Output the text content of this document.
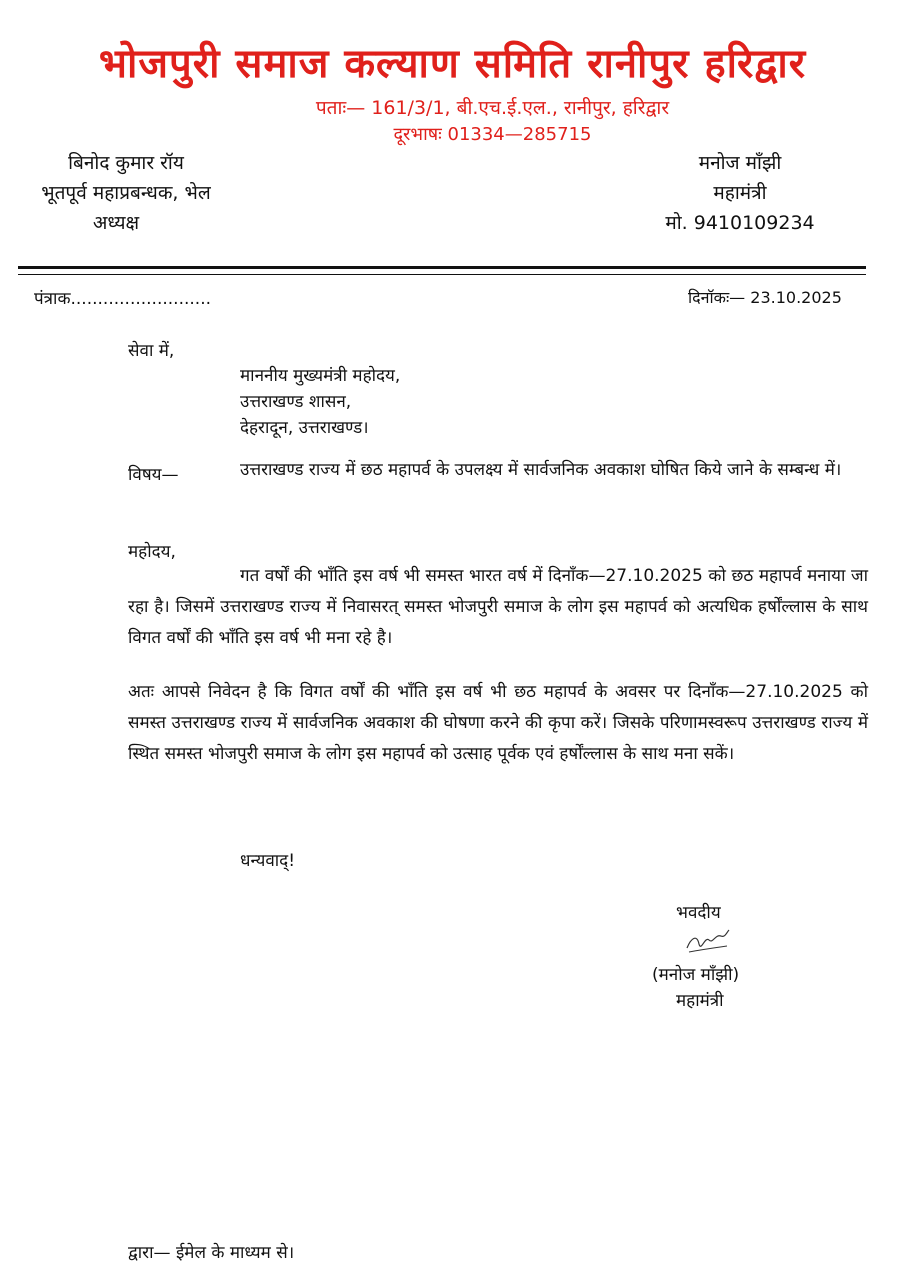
भोजपुरी समाज कल्याण समिति रानीपुर हरिद्वार
पताः— 161/3/1, बी.एच.ई.एल., रानीपुर, हरिद्वार
दूरभाषः 01334—285715
बिनोद कुमार रॉय
भूतपूर्व महाप्रबन्धक, भेल
अध्यक्ष
मनोज माँझी
महामंत्री
मो. 9410109234
पंत्राक..........................	दिनॉकः— 23.10.2025
सेवा में,
माननीय मुख्यमंत्री महोदय,
उत्तराखण्ड शासन,
देहरादून, उत्तराखण्ड।
विषय—	उत्तराखण्ड राज्य में छठ महापर्व के उपलक्ष्य में सार्वजनिक अवकाश घोषित किये जाने के सम्बन्ध में।
महोदय,
गत वर्षों की भाँति इस वर्ष भी समस्त भारत वर्ष में दिनाँक—27.10.2025 को छठ महापर्व मनाया जा रहा है। जिसमें उत्तराखण्ड राज्य में निवासरत् समस्त भोजपुरी समाज के लोग इस महापर्व को अत्यधिक हर्षोंल्लास के साथ विगत वर्षों की भाँति इस वर्ष भी मना रहे है।
अतः आपसे निवेदन है कि विगत वर्षों की भाँति इस वर्ष भी छठ महापर्व के अवसर पर दिनाँक—27.10.2025 को समस्त उत्तराखण्ड राज्य में सार्वजनिक अवकाश की घोषणा करने की कृपा करें। जिसके परिणामस्वरूप उत्तराखण्ड राज्य में स्थित समस्त भोजपुरी समाज के लोग इस महापर्व को उत्साह पूर्वक एवं हर्षोंल्लास के साथ मना सकें।
धन्यवाद्!
भवदीय
(मनोज माँझी)
महामंत्री
द्वारा— ईमेल के माध्यम से।
